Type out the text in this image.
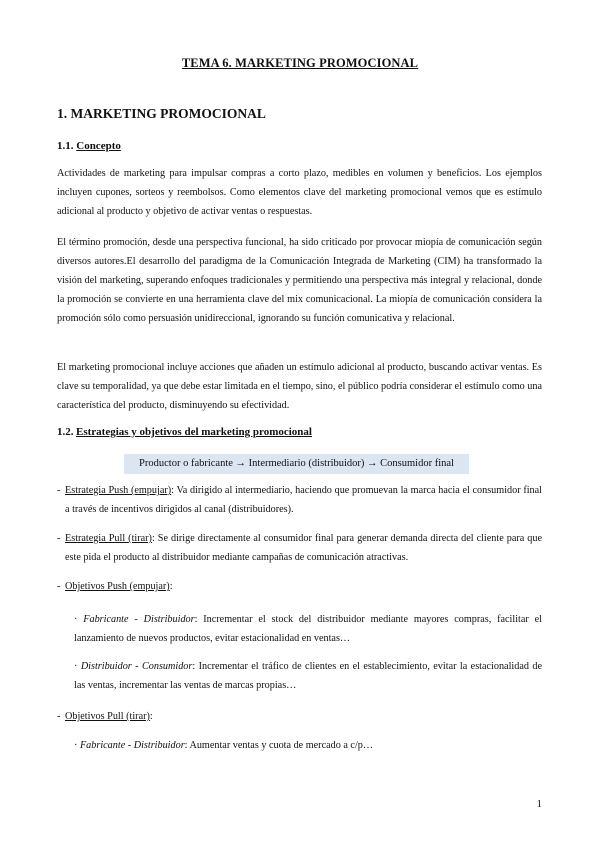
TEMA 6. MARKETING PROMOCIONAL
1. MARKETING PROMOCIONAL
1.1. Concepto

Actividades de marketing para impulsar compras a corto plazo, medibles en volumen y beneficios. Los ejemplos incluyen cupones, sorteos y reembolsos. Como elementos clave del marketing promocional vemos que es estímulo adicional al producto y objetivo de activar ventas o respuestas.

El término promoción, desde una perspectiva funcional, ha sido criticado por provocar miopía de comunicación según diversos autores.El desarrollo del paradigma de la Comunicación Integrada de Marketing (CIM) ha transformado la visión del marketing, superando enfoques tradicionales y permitiendo una perspectiva más integral y relacional, donde la promoción se convierte en una herramienta clave del mix comunicacional. La miopía de comunicación considera la promoción sólo como persuasión unidireccional, ignorando su función comunicativa y relacional.

El marketing promocional incluye acciones que añaden un estímulo adicional al producto, buscando activar ventas. Es clave su temporalidad, ya que debe estar limitada en el tiempo, sino, el público podría considerar el estímulo como una característica del producto, disminuyendo su efectividad.

1.2. Estrategias y objetivos del marketing promocional
Productor o fabricante → Intermediario (distribuidor) → Consumidor final
- Estrategia Push (empujar): Va dirigido al intermediario, haciendo que promuevan la marca hacia el consumidor final a través de incentivos dirigidos al canal (distribuidores).
- Estrategia Pull (tirar): Se dirige directamente al consumidor final para generar demanda directa del cliente para que este pida el producto al distribuidor mediante campañas de comunicación atractivas.
- Objetivos Push (empujar):
· Fabricante - Distribuidor: Incrementar el stock del distribuidor mediante mayores compras, facilitar el lanzamiento de nuevos productos, evitar estacionalidad en ventas…
· Distribuidor - Consumidor: Incrementar el tráfico de clientes en el establecimiento, evitar la estacionalidad de las ventas, incrementar las ventas de marcas propias…
- Objetivos Pull (tirar):
· Fabricante - Distribuidor: Aumentar ventas y cuota de mercado a c/p…
1
